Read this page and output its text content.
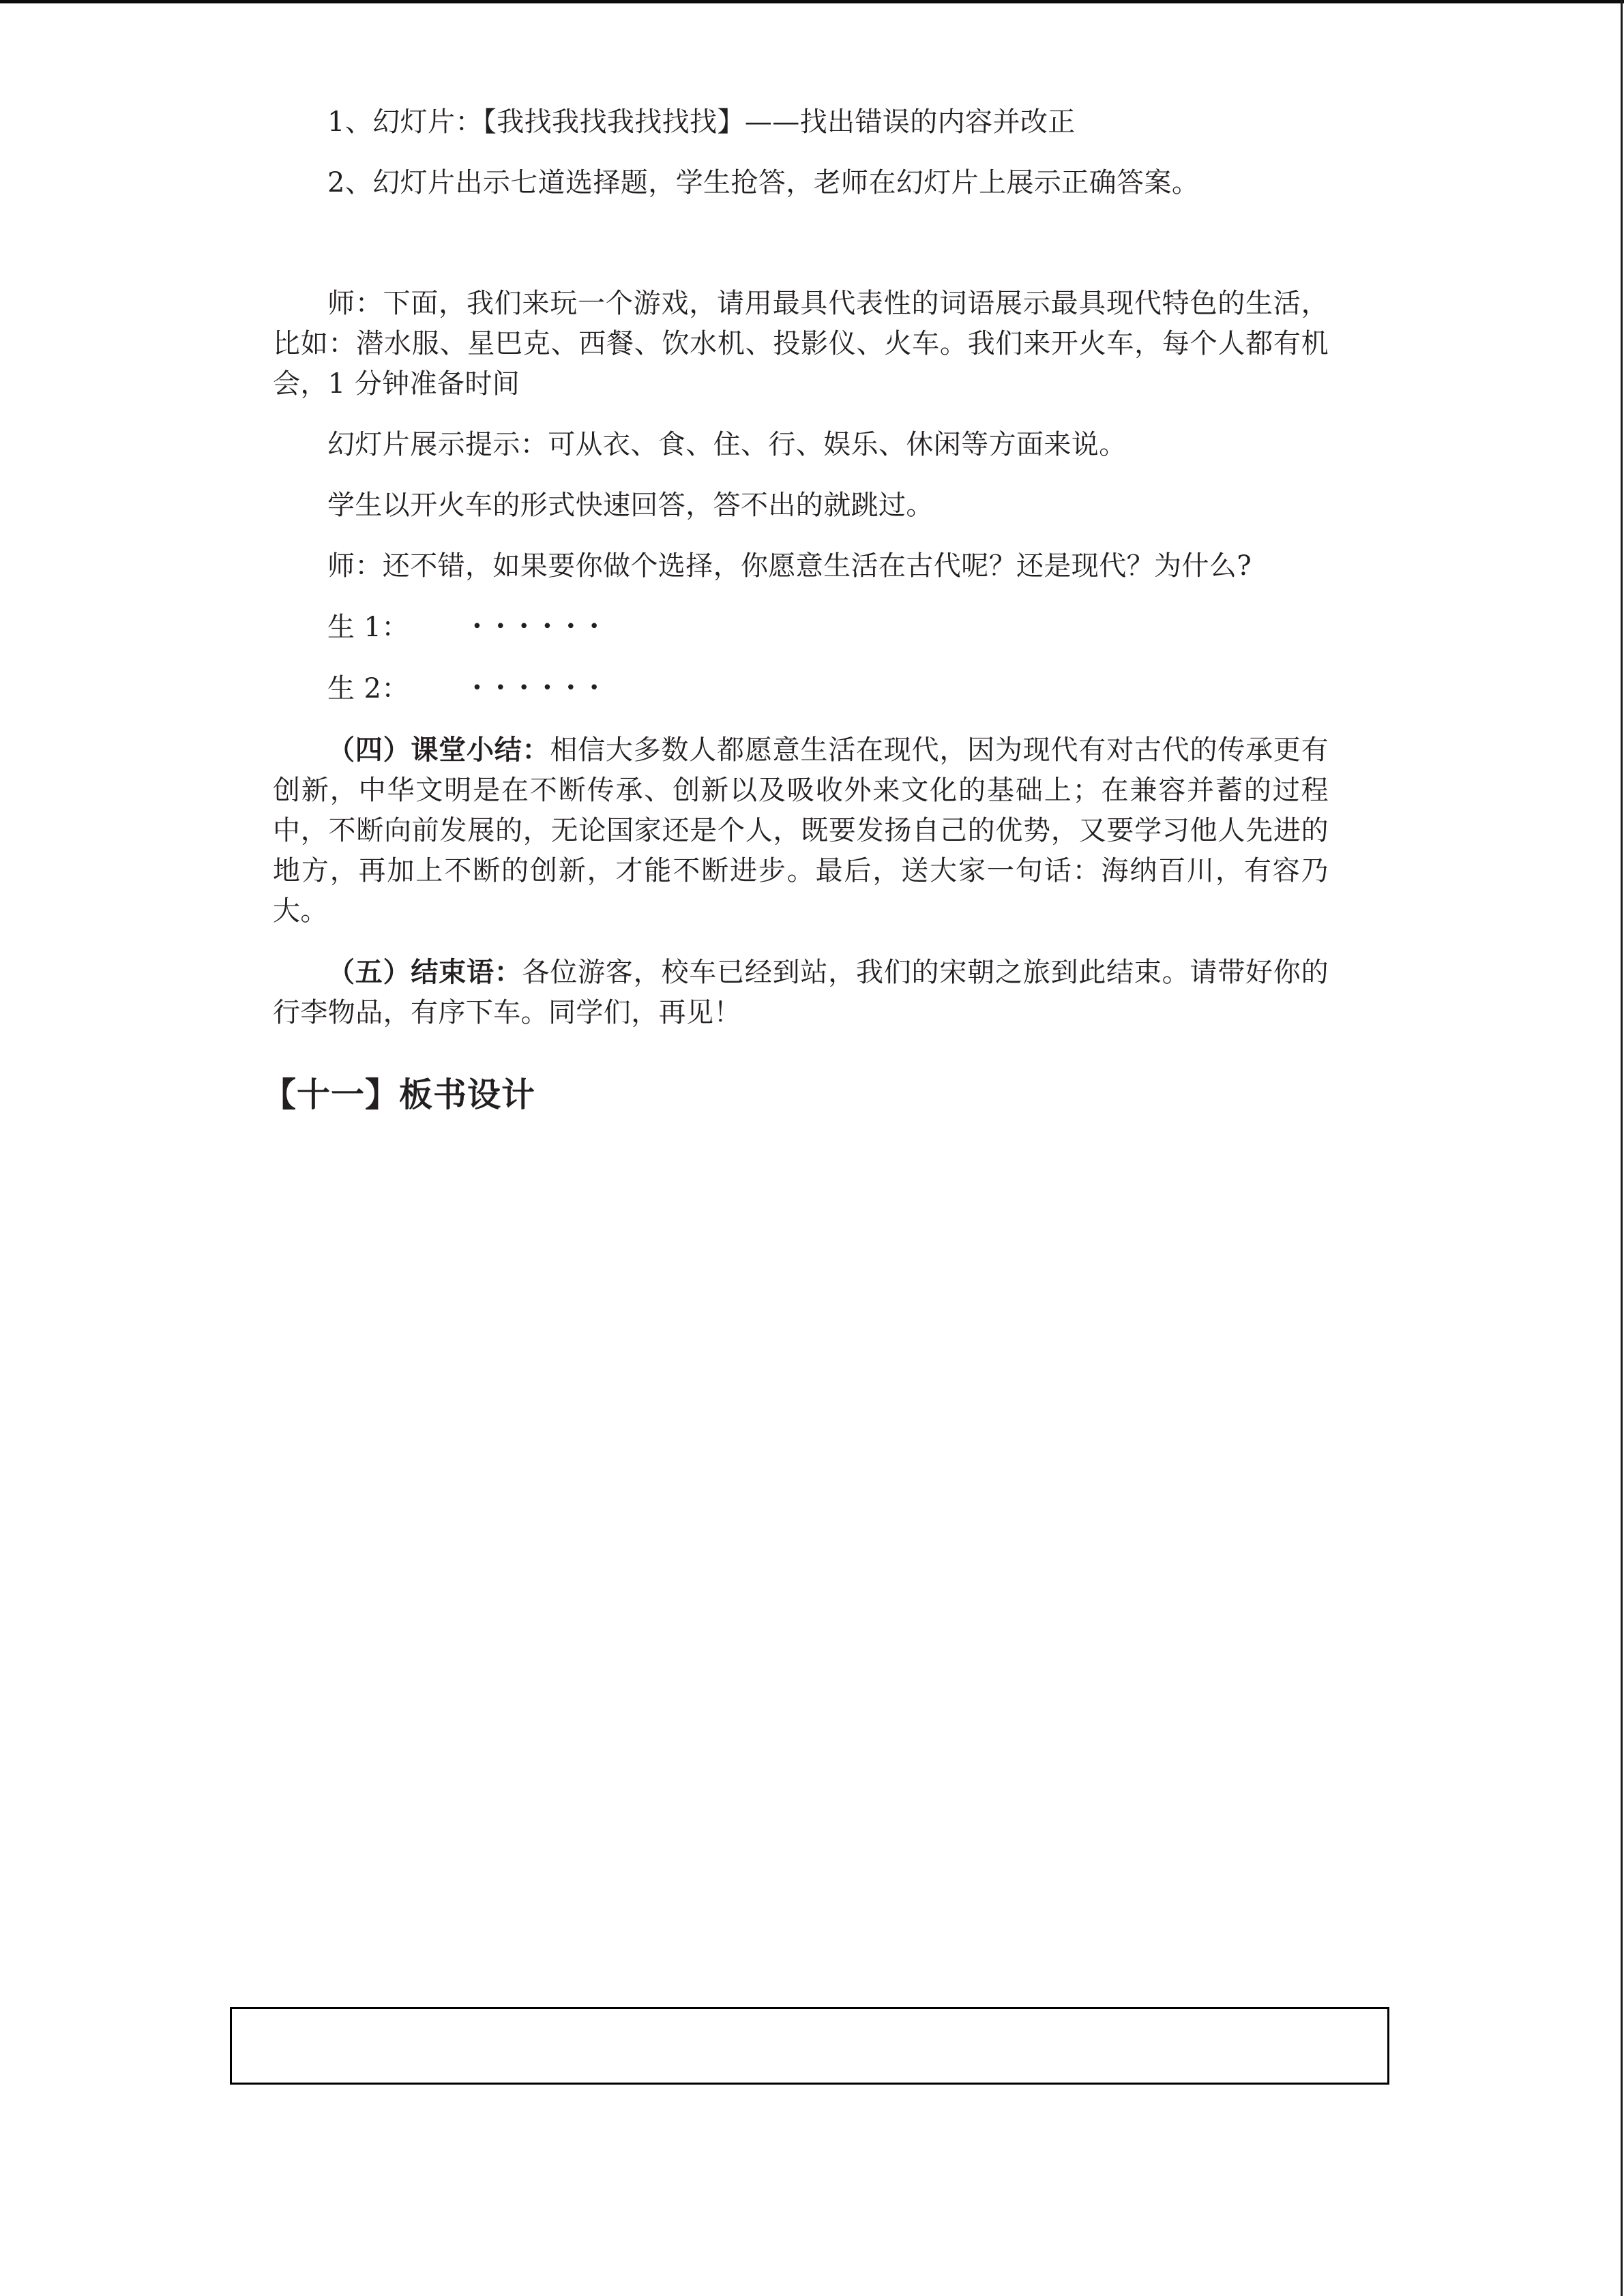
1、幻灯片：【我找我找我找找找】——找出错误的内容并改正

2、幻灯片出示七道选择题，学生抢答，老师在幻灯片上展示正确答案。

师：下面，我们来玩一个游戏，请用最具代表性的词语展示最具现代特色的生活，比如：潜水服、星巴克、西餐、饮水机、投影仪、火车。我们来开火车，每个人都有机会，1 分钟准备时间

幻灯片展示提示：可从衣、食、住、行、娱乐、休闲等方面来说。

学生以开火车的形式快速回答，答不出的就跳过。

师：还不错，如果要你做个选择，你愿意生活在古代呢？还是现代？为什么?

生 1：	••••••

生 2：	••••••

（四）课堂小结：相信大多数人都愿意生活在现代，因为现代有对古代的传承更有创新，中华文明是在不断传承、创新以及吸收外来文化的基础上；在兼容并蓄的过程中，不断向前发展的，无论国家还是个人，既要发扬自己的优势，又要学习他人先进的地方，再加上不断的创新，才能不断进步。最后，送大家一句话：海纳百川，有容乃大。

（五）结束语：各位游客，校车已经到站，我们的宋朝之旅到此结束。请带好你的行李物品，有序下车。同学们，再见！

【十一】板书设计
